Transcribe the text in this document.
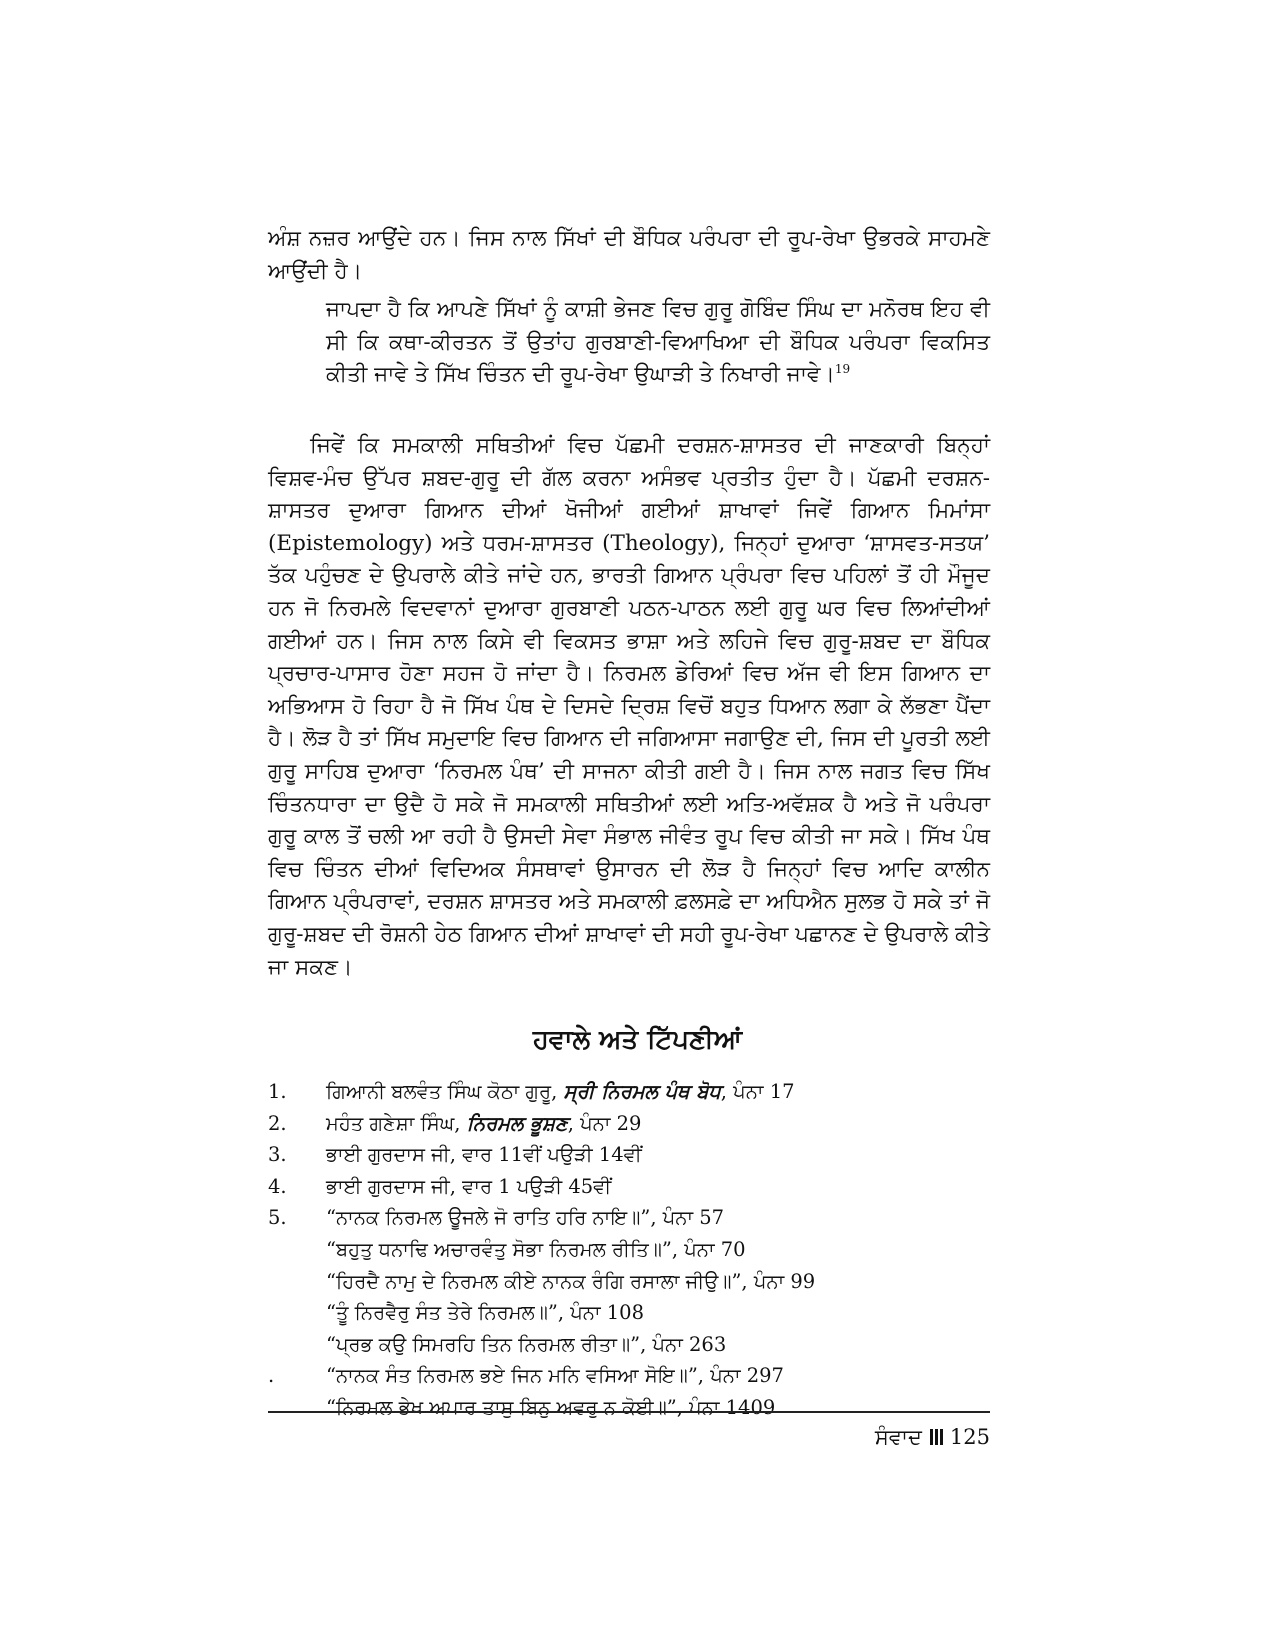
ਅੰਸ਼ ਨਜ਼ਰ ਆਉਂਦੇ ਹਨ। ਜਿਸ ਨਾਲ ਸਿੱਖਾਂ ਦੀ ਬੌਧਿਕ ਪਰੰਪਰਾ ਦੀ ਰੂਪ-ਰੇਖਾ ਉਭਰਕੇ ਸਾਹਮਣੇ ਆਉਂਦੀ ਹੈ।

ਜਾਪਦਾ ਹੈ ਕਿ ਆਪਣੇ ਸਿੱਖਾਂ ਨੂੰ ਕਾਸ਼ੀ ਭੇਜਣ ਵਿਚ ਗੁਰੂ ਗੋਬਿੰਦ ਸਿੰਘ ਦਾ ਮਨੋਰਥ ਇਹ ਵੀ ਸੀ ਕਿ ਕਥਾ-ਕੀਰਤਨ ਤੋਂ ਉਤਾਂਹ ਗੁਰਬਾਣੀ-ਵਿਆਖਿਆ ਦੀ ਬੌਧਿਕ ਪਰੰਪਰਾ ਵਿਕਸਿਤ ਕੀਤੀ ਜਾਵੇ ਤੇ ਸਿੱਖ ਚਿੰਤਨ ਦੀ ਰੂਪ-ਰੇਖਾ ਉਘਾੜੀ ਤੇ ਨਿਖਾਰੀ ਜਾਵੇ।$^{19}$

ਜਿਵੇਂ ਕਿ ਸਮਕਾਲੀ ਸਥਿਤੀਆਂ ਵਿਚ ਪੱਛਮੀ ਦਰਸ਼ਨ-ਸ਼ਾਸਤਰ ਦੀ ਜਾਣਕਾਰੀ ਬਿਨ੍ਹਾਂ ਵਿਸ਼ਵ-ਮੰਚ ਉੱਪਰ ਸ਼ਬਦ-ਗੁਰੂ ਦੀ ਗੱਲ ਕਰਨਾ ਅਸੰਭਵ ਪ੍ਰਤੀਤ ਹੁੰਦਾ ਹੈ। ਪੱਛਮੀ ਦਰਸ਼ਨ-ਸ਼ਾਸਤਰ ਦੁਆਰਾ ਗਿਆਨ ਦੀਆਂ ਖੋਜੀਆਂ ਗਈਆਂ ਸ਼ਾਖਾਵਾਂ ਜਿਵੇਂ ਗਿਆਨ ਮਿਮਾਂਸਾ (Epistemology) ਅਤੇ ਧਰਮ-ਸ਼ਾਸਤਰ (Theology), ਜਿਨ੍ਹਾਂ ਦੁਆਰਾ ‘ਸ਼ਾਸਵਤ-ਸਤਯ’ ਤੱਕ ਪਹੁੰਚਣ ਦੇ ਉਪਰਾਲੇ ਕੀਤੇ ਜਾਂਦੇ ਹਨ, ਭਾਰਤੀ ਗਿਆਨ ਪ੍ਰੰਪਰਾ ਵਿਚ ਪਹਿਲਾਂ ਤੋਂ ਹੀ ਮੌਜੂਦ ਹਨ ਜੋ ਨਿਰਮਲੇ ਵਿਦਵਾਨਾਂ ਦੁਆਰਾ ਗੁਰਬਾਣੀ ਪਠਨ-ਪਾਠਨ ਲਈ ਗੁਰੂ ਘਰ ਵਿਚ ਲਿਆਂਦੀਆਂ ਗਈਆਂ ਹਨ। ਜਿਸ ਨਾਲ ਕਿਸੇ ਵੀ ਵਿਕਸਤ ਭਾਸ਼ਾ ਅਤੇ ਲਹਿਜੇ ਵਿਚ ਗੁਰੂ-ਸ਼ਬਦ ਦਾ ਬੌਧਿਕ ਪ੍ਰਚਾਰ-ਪਾਸਾਰ ਹੋਣਾ ਸਹਜ ਹੋ ਜਾਂਦਾ ਹੈ। ਨਿਰਮਲ ਡੇਰਿਆਂ ਵਿਚ ਅੱਜ ਵੀ ਇਸ ਗਿਆਨ ਦਾ ਅਭਿਆਸ ਹੋ ਰਿਹਾ ਹੈ ਜੋ ਸਿੱਖ ਪੰਥ ਦੇ ਦਿਸਦੇ ਦ੍ਰਿਸ਼ ਵਿਚੋਂ ਬਹੁਤ ਧਿਆਨ ਲਗਾ ਕੇ ਲੱਭਣਾ ਪੈਂਦਾ ਹੈ। ਲੋੜ ਹੈ ਤਾਂ ਸਿੱਖ ਸਮੁਦਾਇ ਵਿਚ ਗਿਆਨ ਦੀ ਜਗਿਆਸਾ ਜਗਾਉਣ ਦੀ, ਜਿਸ ਦੀ ਪੂਰਤੀ ਲਈ ਗੁਰੂ ਸਾਹਿਬ ਦੁਆਰਾ ‘ਨਿਰਮਲ ਪੰਥ’ ਦੀ ਸਾਜਨਾ ਕੀਤੀ ਗਈ ਹੈ। ਜਿਸ ਨਾਲ ਜਗਤ ਵਿਚ ਸਿੱਖ ਚਿੰਤਨਧਾਰਾ ਦਾ ਉਦੈ ਹੋ ਸਕੇ ਜੋ ਸਮਕਾਲੀ ਸਥਿਤੀਆਂ ਲਈ ਅਤਿ-ਅਵੱਸ਼ਕ ਹੈ ਅਤੇ ਜੋ ਪਰੰਪਰਾ ਗੁਰੂ ਕਾਲ ਤੋਂ ਚਲੀ ਆ ਰਹੀ ਹੈ ਉਸਦੀ ਸੇਵਾ ਸੰਭਾਲ ਜੀਵੰਤ ਰੂਪ ਵਿਚ ਕੀਤੀ ਜਾ ਸਕੇ। ਸਿੱਖ ਪੰਥ ਵਿਚ ਚਿੰਤਨ ਦੀਆਂ ਵਿਦਿਅਕ ਸੰਸਥਾਵਾਂ ਉਸਾਰਨ ਦੀ ਲੋੜ ਹੈ ਜਿਨ੍ਹਾਂ ਵਿਚ ਆਦਿ ਕਾਲੀਨ ਗਿਆਨ ਪ੍ਰੰਪਰਾਵਾਂ, ਦਰਸ਼ਨ ਸ਼ਾਸਤਰ ਅਤੇ ਸਮਕਾਲੀ ਫ਼ਲਸਫ਼ੇ ਦਾ ਅਧਿਐਨ ਸੁਲਭ ਹੋ ਸਕੇ ਤਾਂ ਜੋ ਗੁਰੂ-ਸ਼ਬਦ ਦੀ ਰੋਸ਼ਨੀ ਹੇਠ ਗਿਆਨ ਦੀਆਂ ਸ਼ਾਖਾਵਾਂ ਦੀ ਸਹੀ ਰੂਪ-ਰੇਖਾ ਪਛਾਨਣ ਦੇ ਉਪਰਾਲੇ ਕੀਤੇ ਜਾ ਸਕਣ।

ਹਵਾਲੇ ਅਤੇ ਟਿੱਪਣੀਆਂ
1.	ਗਿਆਨੀ ਬਲਵੰਤ ਸਿੰਘ ਕੋਠਾ ਗੁਰੂ, ਸ੍ਰੀ ਨਿਰਮਲ ਪੰਥ ਬੋਧ, ਪੰਨਾ 17
2.	ਮਹੰਤ ਗਣੇਸ਼ਾ ਸਿੰਘ, ਨਿਰਮਲ ਭੂਸ਼ਣ, ਪੰਨਾ 29
3.	ਭਾਈ ਗੁਰਦਾਸ ਜੀ, ਵਾਰ 11ਵੀਂ ਪਉੜੀ 14ਵੀਂ
4.	ਭਾਈ ਗੁਰਦਾਸ ਜੀ, ਵਾਰ 1 ਪਉੜੀ 45ਵੀਂ
5.	“ਨਾਨਕ ਨਿਰਮਲ ਊਜਲੇ ਜੋ ਰਾਤਿ ਹਰਿ ਨਾਇ॥”, ਪੰਨਾ 57
“ਬਹੁਤੁ ਧਨਾਢਿ ਅਚਾਰਵੰਤੁ ਸੋਭਾ ਨਿਰਮਲ ਰੀਤਿ॥”, ਪੰਨਾ 70
“ਹਿਰਦੈ ਨਾਮੁ ਦੇ ਨਿਰਮਲ ਕੀਏ ਨਾਨਕ ਰੰਗਿ ਰਸਾਲਾ ਜੀਉ॥”, ਪੰਨਾ 99
“ਤੂੰ ਨਿਰਵੈਰੁ ਸੰਤ ਤੇਰੇ ਨਿਰਮਲ॥”, ਪੰਨਾ 108
“ਪ੍ਰਭ ਕਉ ਸਿਮਰਹਿ ਤਿਨ ਨਿਰਮਲ ਰੀਤਾ॥”, ਪੰਨਾ 263
.	“ਨਾਨਕ ਸੰਤ ਨਿਰਮਲ ਭਏ ਜਿਨ ਮਨਿ ਵਸਿਆ ਸੋਇ॥”, ਪੰਨਾ 297
“ਨਿਰਮਲ ਭੇਖ ਅਪਾਰ ਤਾਸੁ ਬਿਨੁ ਅਵਰੁ ਨ ਕੋਈ॥”, ਪੰਨਾ 1409
ਸੰਵਾਦ 125
